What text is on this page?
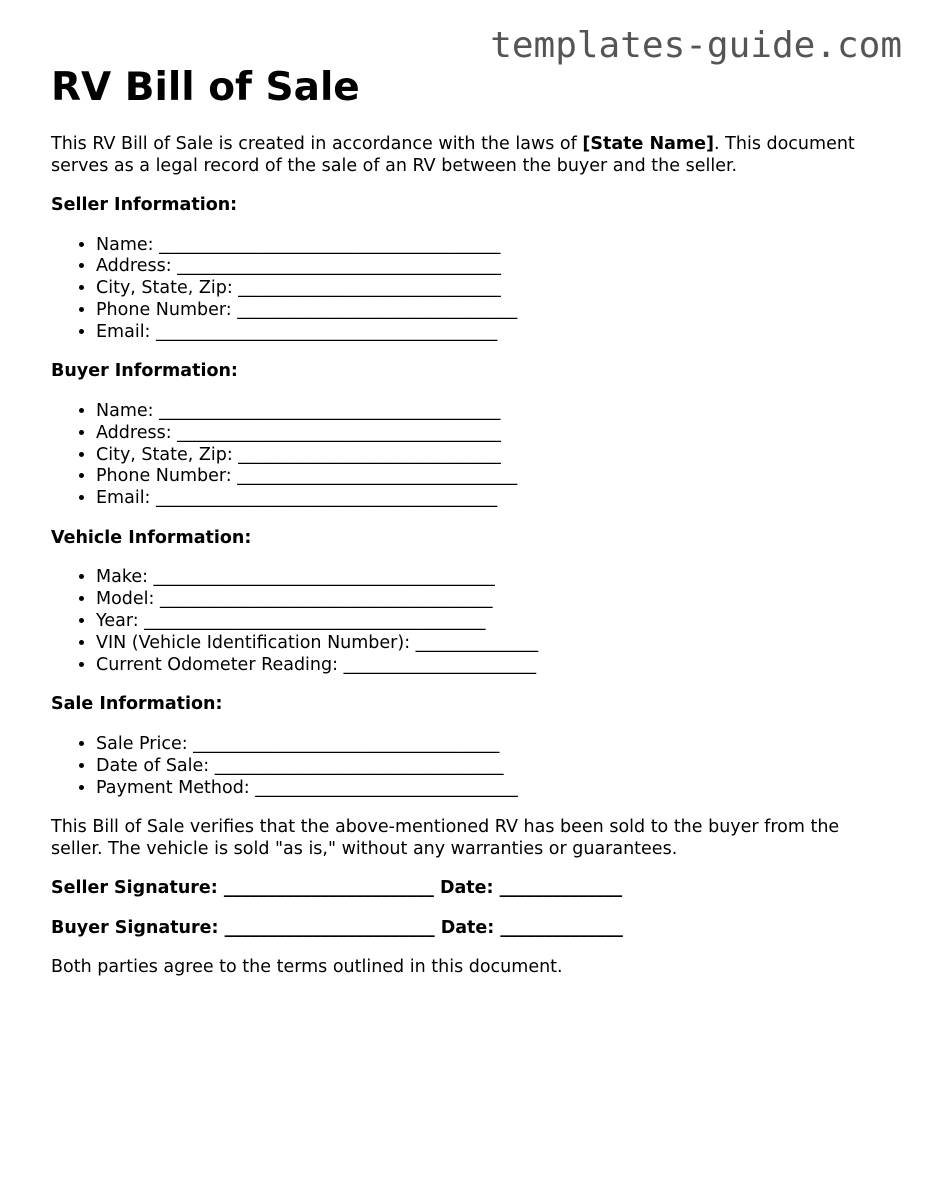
templates-guide.com
RV Bill of Sale

This RV Bill of Sale is created in accordance with the laws of [State Name]. This document serves as a legal record of the sale of an RV between the buyer and the seller.

Seller Information:
• Name: _______________________________________
• Address: _____________________________________
• City, State, Zip: ______________________________
• Phone Number: ________________________________
• Email: _______________________________________
Buyer Information:
• Name: _______________________________________
• Address: _____________________________________
• City, State, Zip: ______________________________
• Phone Number: ________________________________
• Email: _______________________________________
Vehicle Information:
• Make: _______________________________________
• Model: ______________________________________
• Year: _______________________________________
• VIN (Vehicle Identification Number): ______________
• Current Odometer Reading: ______________________
Sale Information:
• Sale Price: ___________________________________
• Date of Sale: _________________________________
• Payment Method: ______________________________

This Bill of Sale verifies that the above-mentioned RV has been sold to the buyer from the seller. The vehicle is sold "as is," without any warranties or guarantees.

Seller Signature: ________________________ Date: ______________

Buyer Signature: ________________________ Date: ______________

Both parties agree to the terms outlined in this document.
